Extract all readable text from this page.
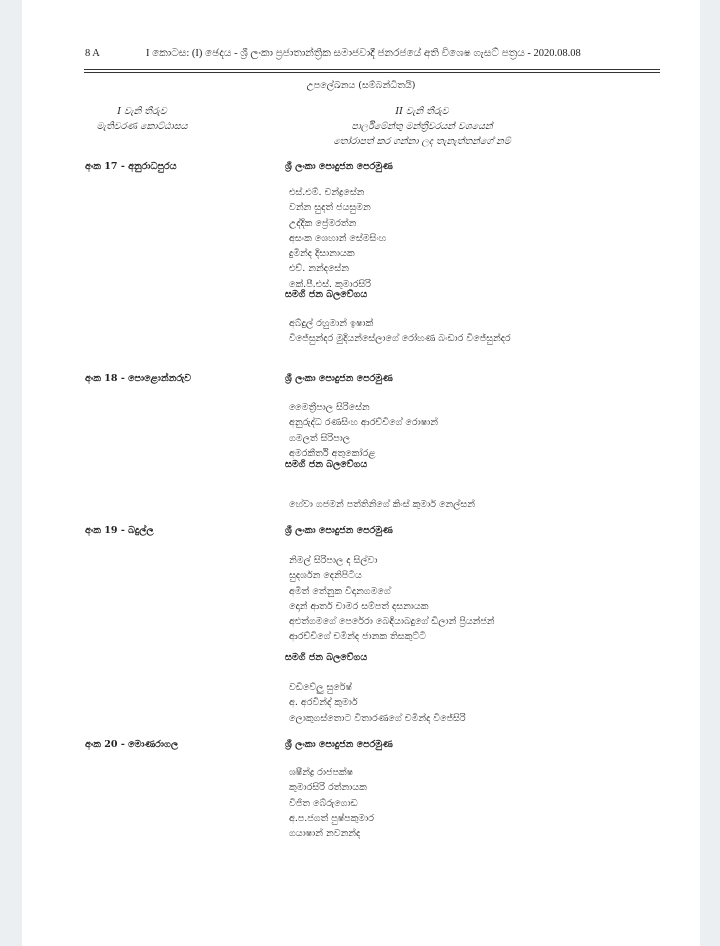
8 A	I කොටස: (I) ඡෙදය - ශ්‍රී ලංකා ප්‍රජාතාන්ත්‍රික සමාජවාදී ජනරජයේ අති විශෙෂ ගැසට් පත්‍රය - 2020.08.08
උපලේඛනය (සම්බන්ධිතයි)
I වැනි තීරුව
මැතිවරණ කොට්ඨාසය
II වැනි තීරුව
පාර්ලිමේන්තු මන්ත්‍රීවරයන් වශයෙන්
තෝරාපත් කර ගන්නා ලද තැනැත්තන්ගේ නම්
අංක 17 - අනුරාධපුරය	ශ්‍රී ලංකා පොදුජන පෙරමුණ
එස්.එම්. චන්ද්‍රසේන
වන්න සුදත් ජයසුමන
උද්දික ප්‍රේමරත්න
අසංක ශෙහාන් සේමසිංහ
දුමින්ද දිසානායක
එච්. නන්දසේන
කේ.පී.එස්. කුමාරසිරි
සමගි ජන බලවේගය
අබ්දුල් රහුමාන් ඉෂාක්
විජේසුන්දර මුදියන්සේලාගේ රෝහණ බංඩාර විජේසුන්දර
අංක 18 - පොළොන්නරුව	ශ්‍රී ලංකා පොදුජන පෙරමුණ
මෛත්‍රීපාල සිරිසේන
අනුරුද්ධ රණසිංහ ආරච්චිගේ රොෂාන්
ගමලත් සිරිපාල
අමරකීර්ති අතුකෝරළ
සමගි ජන බලවේගය
හේවා ගජමන් පත්තිනිගේ කිංස් කුමාර් නෙල්සන්
අංක 19 - බදුල්ල	ශ්‍රී ලංකා පොදුජන පෙරමුණ
නිමල් සිරිපාල ද සිල්වා
සුදර්ශන දෙනිපිටිය
අමිත් තේනුක විදානගමගේ
දොන් ආතර් චාමර සම්පත් දසනායක
අළුත්ගමගේ පෙරේරා බෙඳියාබදුගේ ඩිලාන් ප්‍රියන්ජන්
ආරච්චිගේ චමින්ද ජානක තිසකුට්ටි
සමගි ජන බලවේගය
වඩිවේලු සුරේෂ්
අ. අරවින්ද් කුමාර්
ලොකුගස්තොට විතාරණගේ චමින්ද විජේසිරි
අංක 20 - මොණරාගල	ශ්‍රී ලංකා පොදුජන පෙරමුණ
ශෂීන්ද්‍ර රාජපක්ෂ
කුමාරසිරි රත්නායක
විජිත බේරුගොඩ
අ.ප.ජගත් පුෂ්පකුමාර
ගයාෂාන් නවනන්ද
